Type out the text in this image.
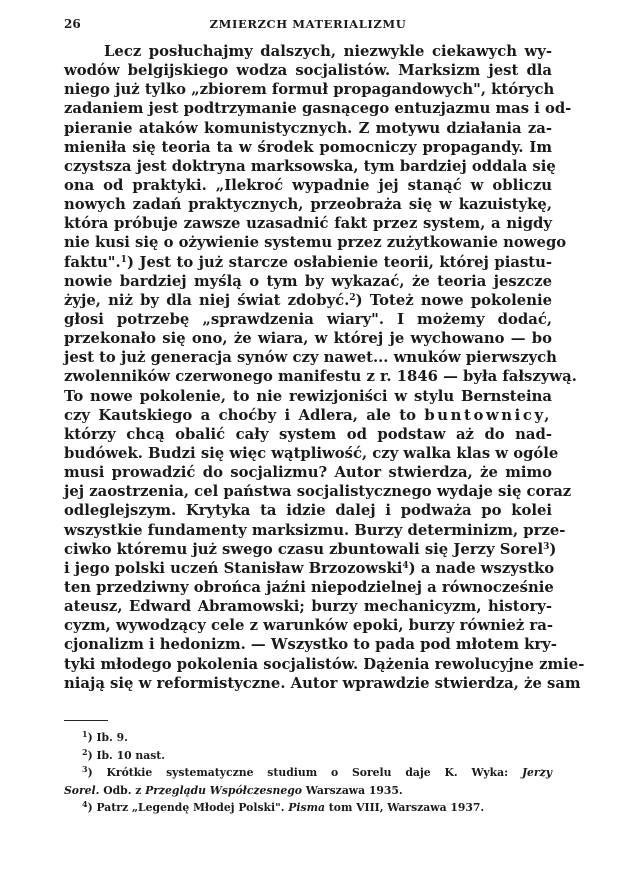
26	ZMIERZCH MATERIALIZMU
Lecz posłuchajmy dalszych, niezwykle ciekawych wy-
wodów belgijskiego wodza socjalistów. Marksizm jest dla
niego już tylko „zbiorem formuł propagandowych", których
zadaniem jest podtrzymanie gasnącego entuzjazmu mas i od-
pieranie ataków komunistycznych. Z motywu działania za-
mieniła się teoria ta w środek pomocniczy propagandy. Im
czystsza jest doktryna marksowska, tym bardziej oddala się
ona od praktyki. „Ilekroć wypadnie jej stanąć w obliczu
nowych zadań praktycznych, przeobraża się w kazuistykę,
która próbuje zawsze uzasadnić fakt przez system, a nigdy
nie kusi się o ożywienie systemu przez zużytkowanie nowego
faktu".$^1$) Jest to już starcze osłabienie teorii, której piastu-
nowie bardziej myślą o tym by wykazać, że teoria jeszcze
żyje, niż by dla niej świat zdobyć.$^2$) Toteż nowe pokolenie
głosi potrzebę „sprawdzenia wiary". I możemy dodać,
przekonało się ono, że wiara, w której je wychowano — bo
jest to już generacja synów czy nawet... wnuków pierwszych
zwolenników czerwonego manifestu z r. 1846 — była fałszywą.
To nowe pokolenie, to nie rewizjoniści w stylu Bernsteina
czy Kautskiego a choćby i Adlera, ale to buntownicy,
którzy chcą obalić cały system od podstaw aż do nad-
budówek. Budzi się więc wątpliwość, czy walka klas w ogóle
musi prowadzić do socjalizmu? Autor stwierdza, że mimo
jej zaostrzenia, cel państwa socjalistycznego wydaje się coraz
odleglejszym. Krytyka ta idzie dalej i podważa po kolei
wszystkie fundamenty marksizmu. Burzy determinizm, prze-
ciwko któremu już swego czasu zbuntowali się Jerzy Sorel$^3$)
i jego polski uczeń Stanisław Brzozowski$^4$) a nade wszystko
ten przedziwny obrońca jaźni niepodzielnej a równocześnie
ateusz, Edward Abramowski; burzy mechanicyzm, history-
cyzm, wywodzący cele z warunków epoki, burzy również ra-
cjonalizm i hedonizm. — Wszystko to pada pod młotem kry-
tyki młodego pokolenia socjalistów. Dążenia rewolucyjne zmie-
niają się w reformistyczne. Autor wprawdzie stwierdza, że sam
$^1$) Ib. 9.
$^2$) Ib. 10 nast.
$^3$) Krótkie systematyczne studium o Sorelu daje K. Wyka: Jerzy
Sorel. Odb. z Przeglądu Współczesnego Warszawa 1935.
$^4$) Patrz „Legendę Młodej Polski". Pisma tom VIII, Warszawa 1937.
